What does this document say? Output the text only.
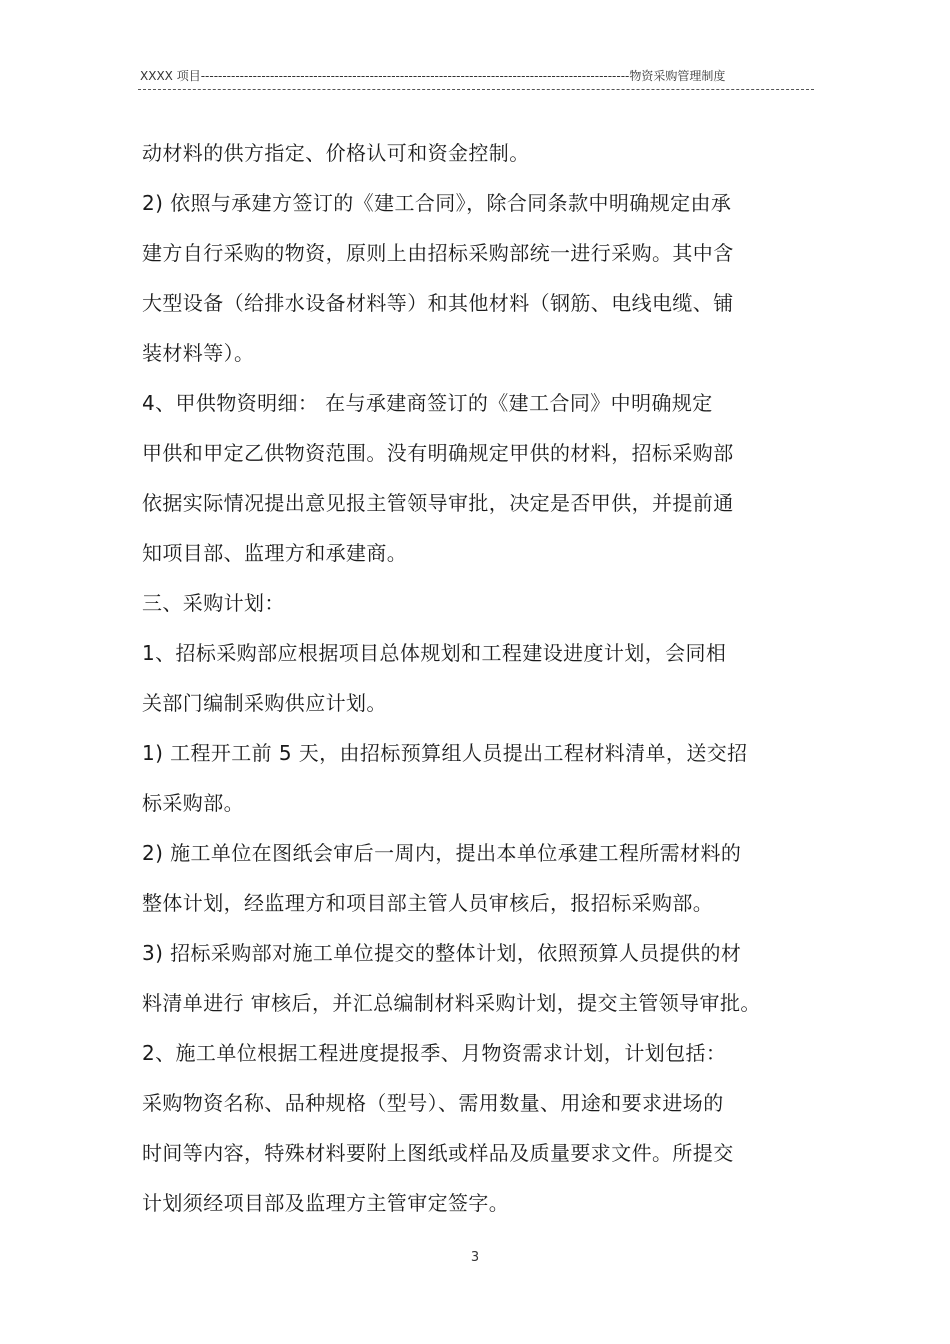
XXXX 项目---------------------------------------------------------------------------------------------------物资采购管理制度
动材料的供方指定、价格认可和资金控制。
2) 依照与承建方签订的《建工合同》，除合同条款中明确规定由承
建方自行采购的物资，原则上由招标采购部统一进行采购。其中含
大型设备（给排水设备材料等）和其他材料（钢筋、电线电缆、铺
装材料等）。
4、甲供物资明细： 在与承建商签订的《建工合同》中明确规定
甲供和甲定乙供物资范围。没有明确规定甲供的材料，招标采购部
依据实际情况提出意见报主管领导审批，决定是否甲供，并提前通
知项目部、监理方和承建商。
三、采购计划：
1、招标采购部应根据项目总体规划和工程建设进度计划，会同相
关部门编制采购供应计划。
1) 工程开工前 5 天，由招标预算组人员提出工程材料清单，送交招
标采购部。
2) 施工单位在图纸会审后一周内，提出本单位承建工程所需材料的
整体计划，经监理方和项目部主管人员审核后，报招标采购部。
3) 招标采购部对施工单位提交的整体计划，依照预算人员提供的材
料清单进行 审核后，并汇总编制材料采购计划，提交主管领导审批。
2、施工单位根据工程进度提报季、月物资需求计划，计划包括：
采购物资名称、品种规格（型号）、需用数量、用途和要求进场的
时间等内容，特殊材料要附上图纸或样品及质量要求文件。所提交
计划须经项目部及监理方主管审定签字。
3
